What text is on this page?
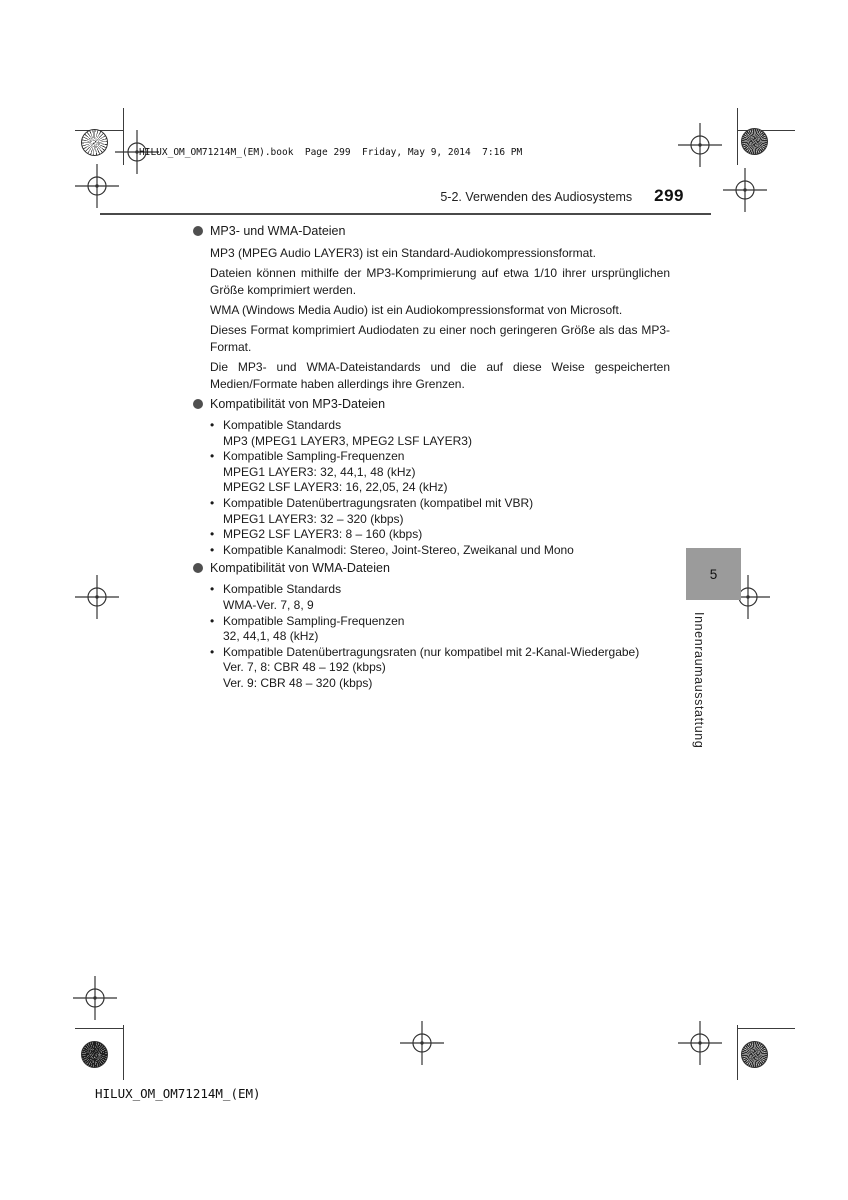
HILUX_OM_OM71214M_(EM).book  Page 299  Friday, May 9, 2014  7:16 PM
5-2. Verwenden des Audiosystems 299
MP3- und WMA-Dateien

MP3 (MPEG Audio LAYER3) ist ein Standard-Audiokompressionsformat.

Dateien können mithilfe der MP3-Komprimierung auf etwa 1/10 ihrer ursprünglichen Größe komprimiert werden.

WMA (Windows Media Audio) ist ein Audiokompressionsformat von Microsoft.

Dieses Format komprimiert Audiodaten zu einer noch geringeren Größe als das MP3-Format.

Die MP3- und WMA-Dateistandards und die auf diese Weise gespeicherten Medien/Formate haben allerdings ihre Grenzen.

Kompatibilität von MP3-Dateien
• Kompatible Standards
MP3 (MPEG1 LAYER3, MPEG2 LSF LAYER3)
• Kompatible Sampling-Frequenzen
MPEG1 LAYER3: 32, 44,1, 48 (kHz)
MPEG2 LSF LAYER3: 16, 22,05, 24 (kHz)
• Kompatible Datenübertragungsraten (kompatibel mit VBR)
MPEG1 LAYER3: 32 – 320 (kbps)
• MPEG2 LSF LAYER3: 8 – 160 (kbps)
• Kompatible Kanalmodi: Stereo, Joint-Stereo, Zweikanal und Mono
Kompatibilität von WMA-Dateien
• Kompatible Standards
WMA-Ver. 7, 8, 9
• Kompatible Sampling-Frequenzen
32, 44,1, 48 (kHz)
• Kompatible Datenübertragungsraten (nur kompatibel mit 2-Kanal-Wiedergabe)
Ver. 7, 8: CBR 48 – 192 (kbps)
Ver. 9: CBR 48 – 320 (kbps)
5
Innenraumausstattung
HILUX_OM_OM71214M_(EM)
